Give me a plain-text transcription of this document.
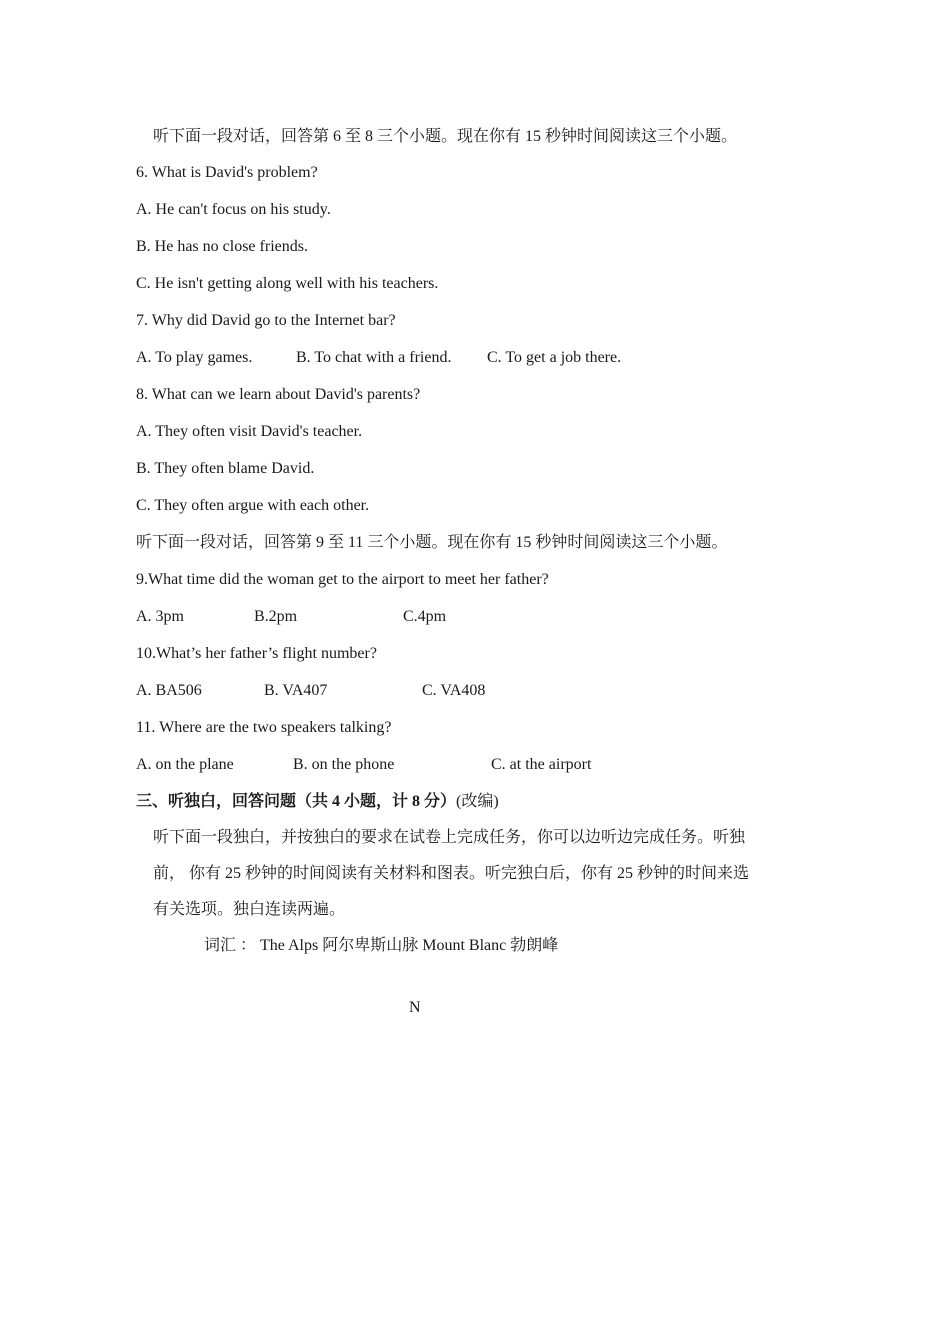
听下面一段对话，回答第 6 至 8 三个小题。现在你有 15 秒钟时间阅读这三个小题。
6. What is David's problem?
A. He can't focus on his study.
B. He has no close friends.
C. He isn't getting along well with his teachers.
7. Why did David go to the Internet bar?
A. To play games.	B. To chat with a friend. C. To get a job there.
8. What can we learn about David's parents?
A. They often visit David's teacher.
B. They often blame David.
C. They often argue with each other.
听下面一段对话，回答第 9 至 11 三个小题。现在你有 15 秒钟时间阅读这三个小题。
9.What time did the woman get to the airport to meet her father?
A. 3pm	B.2pm	C.4pm
10.What’s her father’s flight number?
A. BA506	B. VA407	C. VA408
11. Where are the two speakers talking?
A. on the plane	B. on the phone	C. at the airport
三、听独白，回答问题（共 4 小题，计 8 分）(改编)
听下面一段独白，并按独白的要求在试卷上完成任务，你可以边听边完成任务。听独
前， 你有 25 秒钟的时间阅读有关材料和图表。听完独白后，你有 25 秒钟的时间来选
有关选项。独白连读两遍。
词汇 ： The Alps 阿尔卑斯山脉 Mount Blanc 勃朗峰
N
